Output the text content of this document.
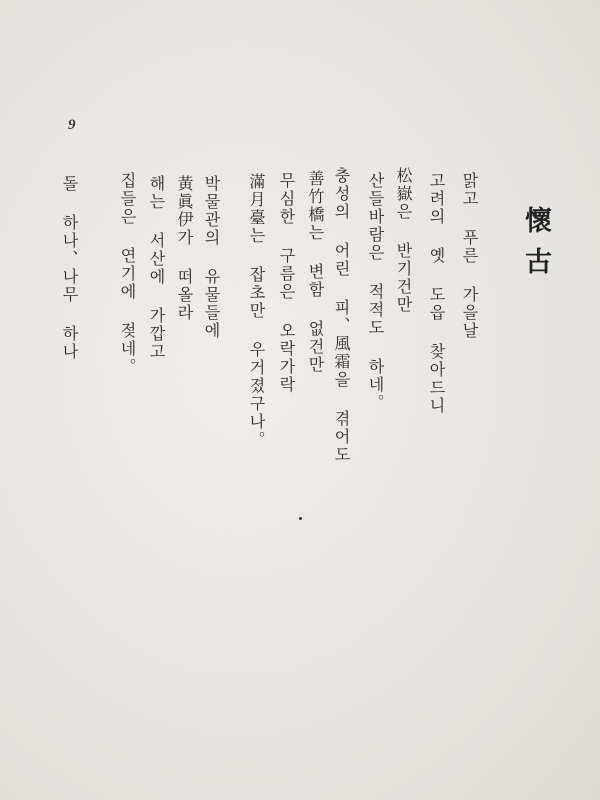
9
懷古
맑고 푸른 가을날
고려의 옛 도읍 찾아드니
松嶽은 반기건만
산들바람은 적적도 하네。
충성의 어린 피、風霜을 겪어도
善竹橋는 변함 없건만
무심한 구름은 오락가락
滿月臺는 잡초만 우거졌구나。
박물관의 유물들에
黃眞伊가 떠올라
해는 서산에 가깝고
집들은 연기에 젖네。
돌 하나、나무 하나
